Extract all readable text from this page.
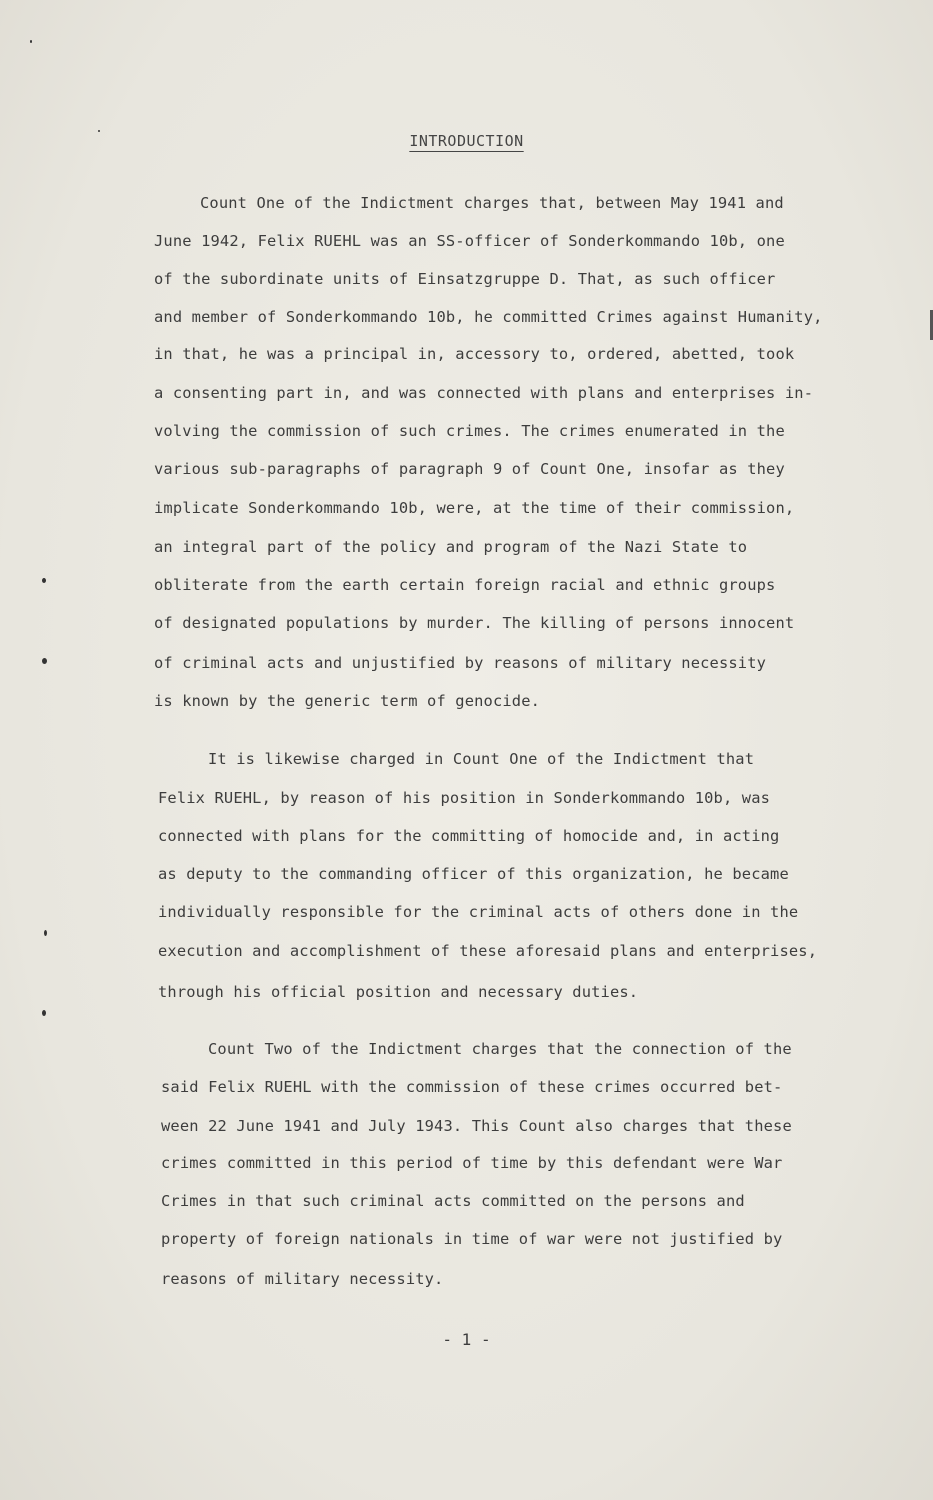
INTRODUCTION
Count One of the Indictment charges that, between May 1941 and
June 1942, Felix RUEHL was an SS-officer of Sonderkommando 10b, one
of the subordinate units of Einsatzgruppe D. That, as such officer
and member of Sonderkommando 10b, he committed Crimes against Humanity,
in that, he was a principal in, accessory to, ordered, abetted, took
a consenting part in, and was connected with plans and enterprises in-
volving the commission of such crimes. The crimes enumerated in the
various sub-paragraphs of paragraph 9 of Count One, insofar as they
implicate Sonderkommando 10b, were, at the time of their commission,
an integral part of the policy and program of the Nazi State to
obliterate from the earth certain foreign racial and ethnic groups
of designated populations by murder. The killing of persons innocent
of criminal acts and unjustified by reasons of military necessity
is known by the generic term of genocide.
It is likewise charged in Count One of the Indictment that
Felix RUEHL, by reason of his position in Sonderkommando 10b, was
connected with plans for the committing of homocide and, in acting
as deputy to the commanding officer of this organization, he became
individually responsible for the criminal acts of others done in the
execution and accomplishment of these aforesaid plans and enterprises,
through his official position and necessary duties.
Count Two of the Indictment charges that the connection of the
said Felix RUEHL with the commission of these crimes occurred bet-
ween 22 June 1941 and July 1943. This Count also charges that these
crimes committed in this period of time by this defendant were War
Crimes in that such criminal acts committed on the persons and
property of foreign nationals in time of war were not justified by
reasons of military necessity.
- 1 -
